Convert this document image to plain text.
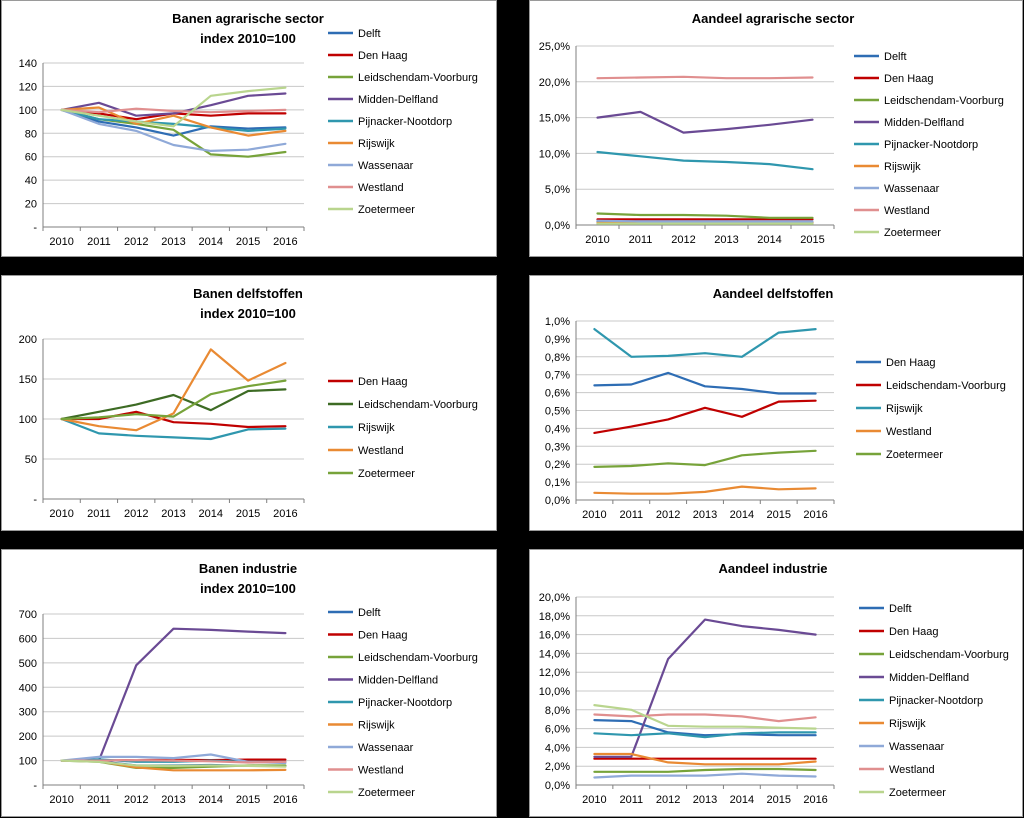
Banen agrarische sector
index 2010=100
-
20
40
60
80
100
120
140
2010 2011 2012 2013 2014 2015 2016
Delft
Den Haag
Leidschendam-Voorburg
Midden-Delfland
Pijnacker-Nootdorp
Rijswijk
Wassenaar
Westland
Zoetermeer
Aandeel agrarische sector
0,0%
5,0%
10,0%
15,0%
20,0%
25,0%
2010 2011 2012 2013 2014 2015
Delft
Den Haag
Leidschendam-Voorburg
Midden-Delfland
Pijnacker-Nootdorp
Rijswijk
Wassenaar
Westland
Zoetermeer
Banen delfstoffen
index 2010=100
-
50
100
150
200
2010 2011 2012 2013 2014 2015 2016
Den Haag
Leidschendam-Voorburg
Rijswijk
Westland
Zoetermeer
Aandeel delfstoffen
0,0%
0,1%
0,2%
0,3%
0,4%
0,5%
0,6%
0,7%
0,8%
0,9%
1,0%
2010 2011 2012 2013 2014 2015 2016
Den Haag
Leidschendam-Voorburg
Rijswijk
Westland
Zoetermeer
Banen industrie
index 2010=100
-
100
200
300
400
500
600
700
2010 2011 2012 2013 2014 2015 2016
Delft
Den Haag
Leidschendam-Voorburg
Midden-Delfland
Pijnacker-Nootdorp
Rijswijk
Wassenaar
Westland
Zoetermeer
Aandeel industrie
0,0%
2,0%
4,0%
6,0%
8,0%
10,0%
12,0%
14,0%
16,0%
18,0%
20,0%
2010 2011 2012 2013 2014 2015 2016
Delft
Den Haag
Leidschendam-Voorburg
Midden-Delfland
Pijnacker-Nootdorp
Rijswijk
Wassenaar
Westland
Zoetermeer
